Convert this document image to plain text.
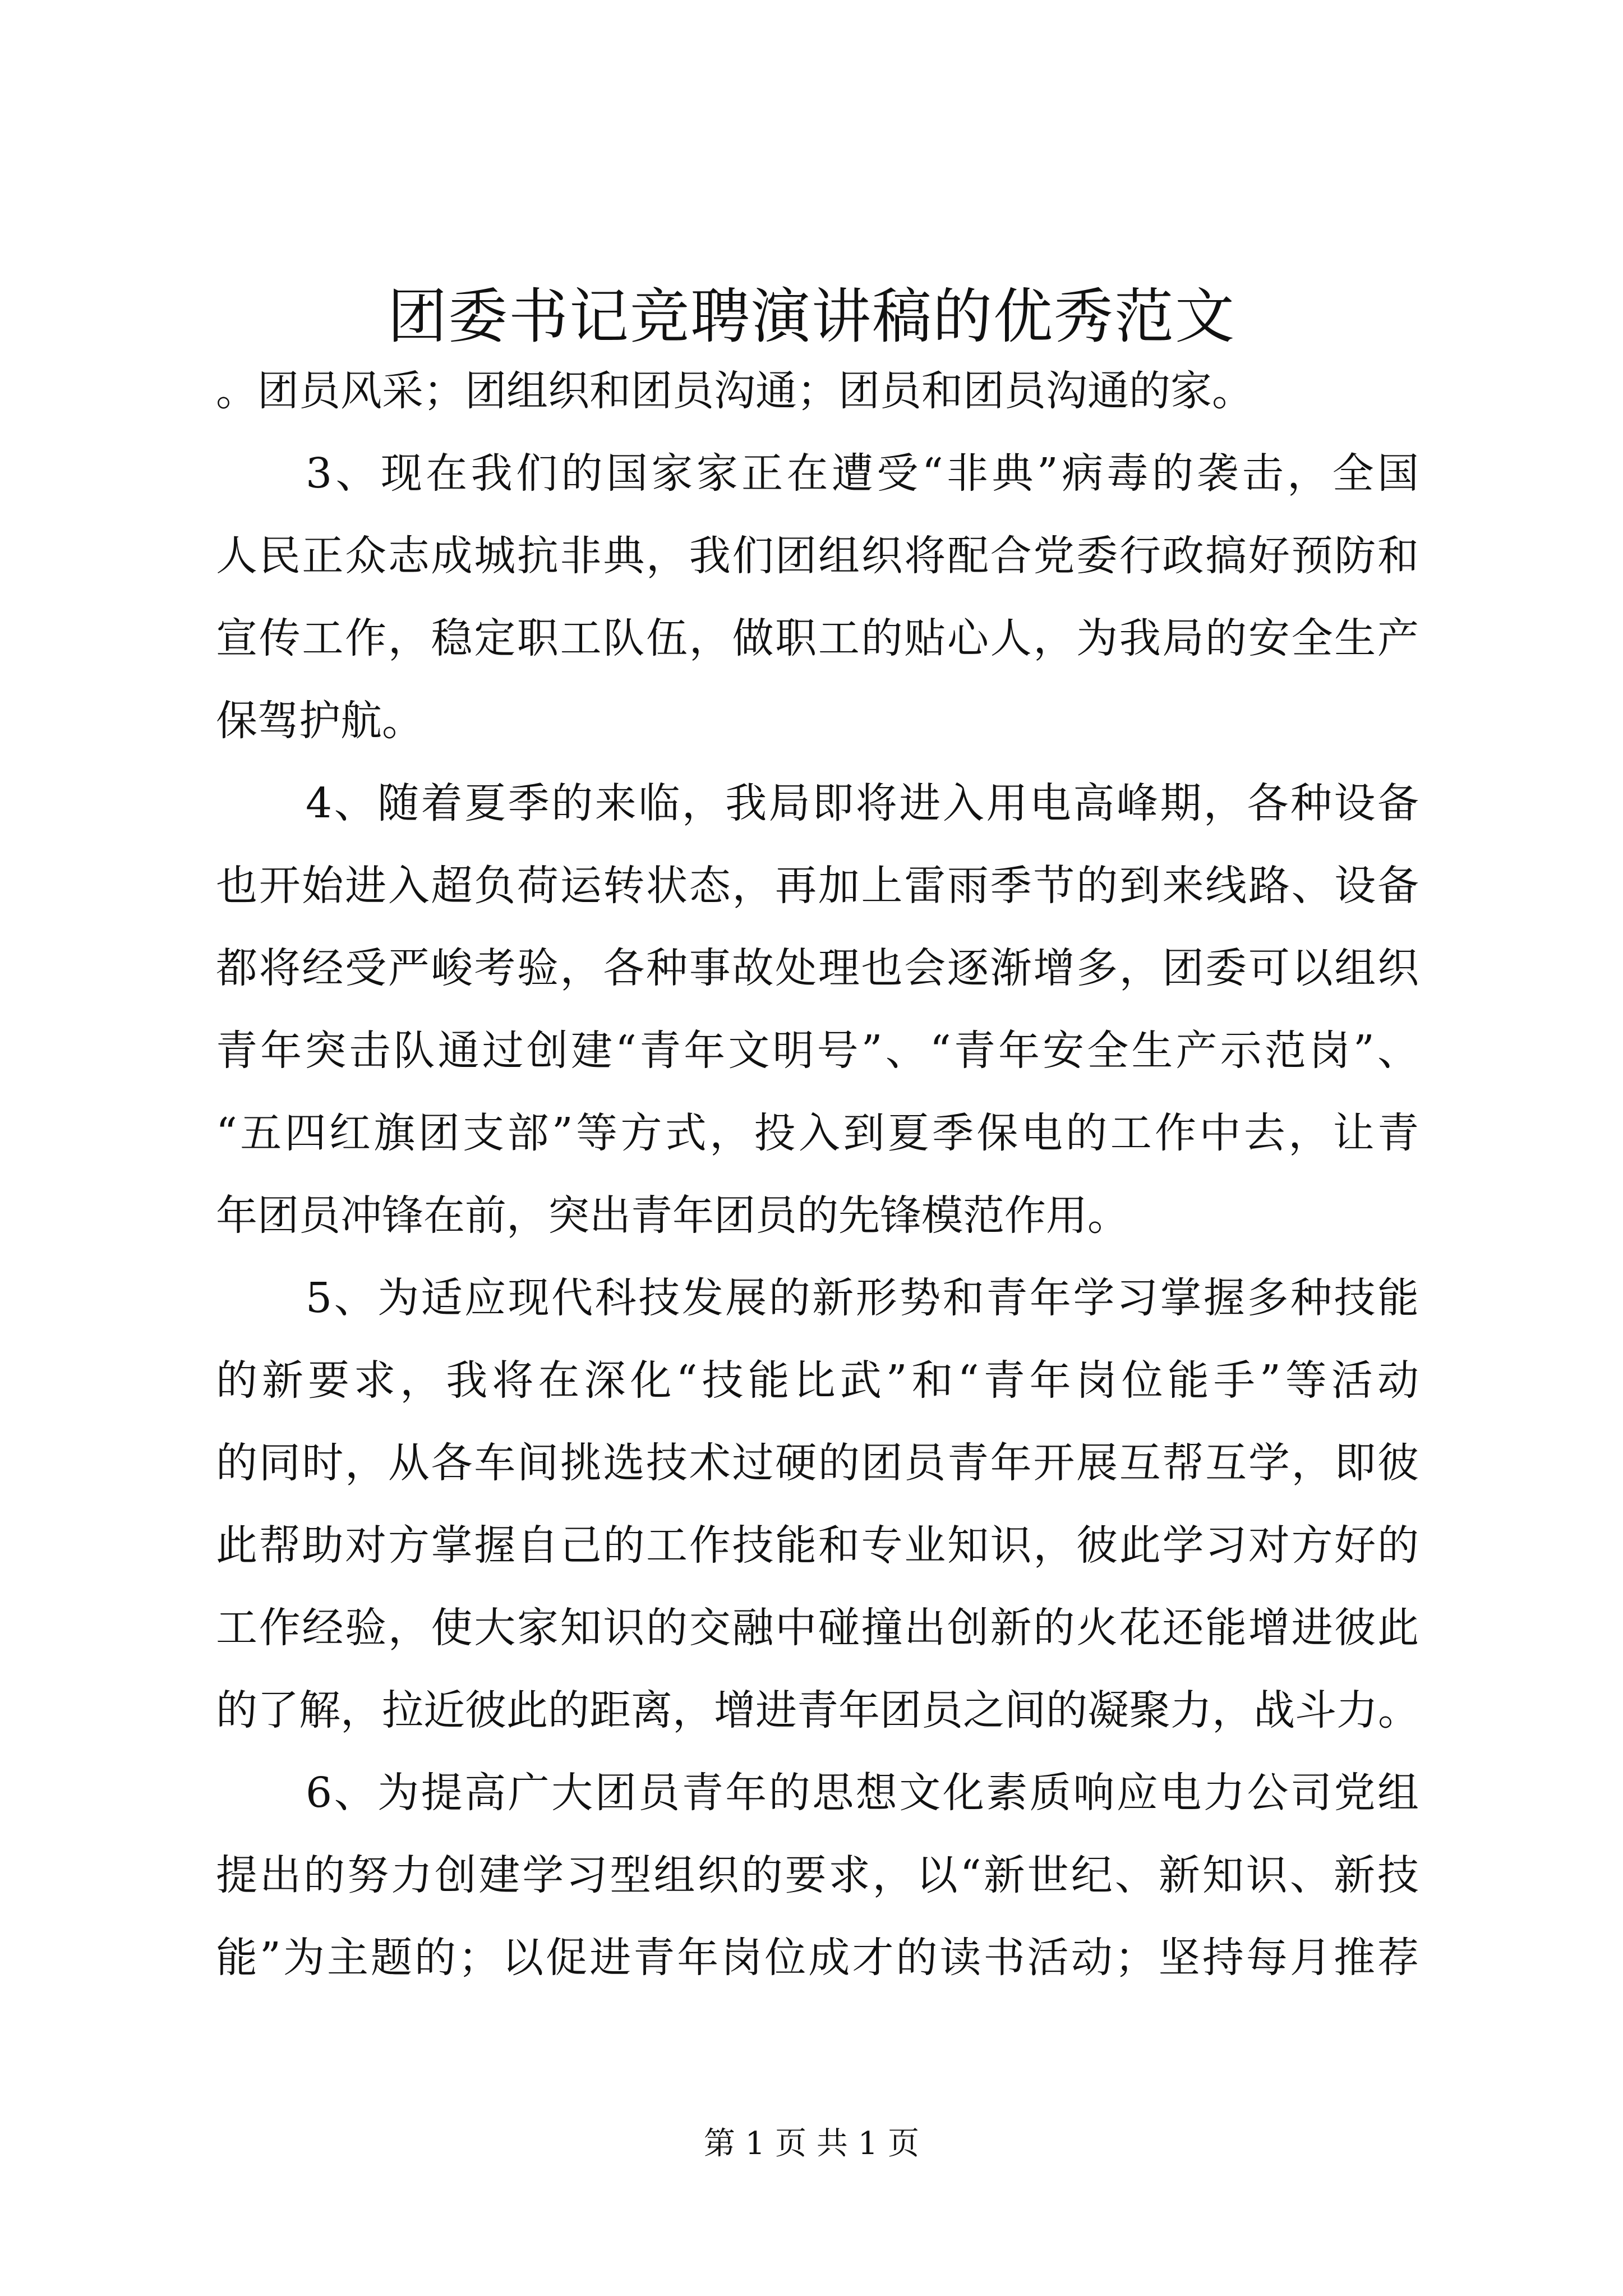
团委书记竞聘演讲稿的优秀范文
。团员风采；团组织和团员沟通；团员和团员沟通的家。
3、现在我们的国家家正在遭受“非典”病毒的袭击，全国
人民正众志成城抗非典，我们团组织将配合党委行政搞好预防和
宣传工作，稳定职工队伍，做职工的贴心人，为我局的安全生产
保驾护航。
4、随着夏季的来临，我局即将进入用电高峰期，各种设备
也开始进入超负荷运转状态，再加上雷雨季节的到来线路、设备
都将经受严峻考验，各种事故处理也会逐渐增多，团委可以组织
青年突击队通过创建“青年文明号”、“青年安全生产示范岗”、
“五四红旗团支部”等方式，投入到夏季保电的工作中去，让青
年团员冲锋在前，突出青年团员的先锋模范作用。
5、为适应现代科技发展的新形势和青年学习掌握多种技能
的新要求，我将在深化“技能比武”和“青年岗位能手”等活动
的同时，从各车间挑选技术过硬的团员青年开展互帮互学，即彼
此帮助对方掌握自己的工作技能和专业知识，彼此学习对方好的
工作经验，使大家知识的交融中碰撞出创新的火花还能增进彼此
的了解，拉近彼此的距离，增进青年团员之间的凝聚力，战斗力。
6、为提高广大团员青年的思想文化素质响应电力公司党组
提出的努力创建学习型组织的要求，以“新世纪、新知识、新技
能”为主题的；以促进青年岗位成才的读书活动；坚持每月推荐
第 1 页 共 1 页
